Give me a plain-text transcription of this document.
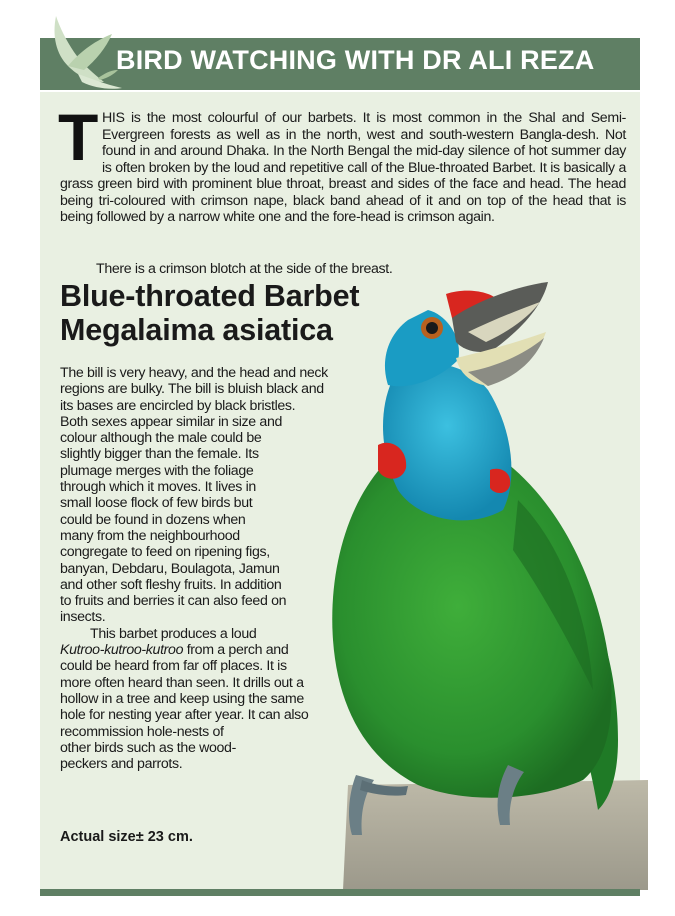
BIRD WATCHING WITH DR ALI REZA
THIS is the most colourful of our barbets. It is most common in the Shal and Semi-Evergreen forests as well as in the north, west and south-western Bangla-desh. Not found in and around Dhaka. In the North Bengal the mid-day silence of hot summer day is often broken by the loud and repetitive call of the Blue-throated Barbet. It is basically a grass green bird with prominent blue throat, breast and sides of the face and head. The head being tri-coloured with crimson nape, black band ahead of it and on top of the head that is being followed by a narrow white one and the fore-head is crimson again.
There is a crimson blotch at the side of the breast.
Blue-throated Barbet
Megalaima asiatica
The bill is very heavy, and the head and neck
regions are bulky. The bill is bluish black and
its bases are encircled by black bristles.
Both sexes appear similar in size and
colour although the male could be
slightly bigger than the female. Its
plumage merges with the foliage
through which it moves. It lives in
small loose flock of few birds but
could be found in dozens when
many from the neighbourhood
congregate to feed on ripening figs,
banyan, Debdaru, Boulagota, Jamun
and other soft fleshy fruits. In addition
to fruits and berries it can also feed on
insects.
This barbet produces a loud
Kutroo-kutroo-kutroo from a perch and
could be heard from far off places. It is
more often heard than seen. It drills out a
hollow in a tree and keep using the same
hole for nesting year after year. It can also
recommission hole-nests of
other birds such as the wood-
peckers and parrots.
Actual size± 23 cm.
